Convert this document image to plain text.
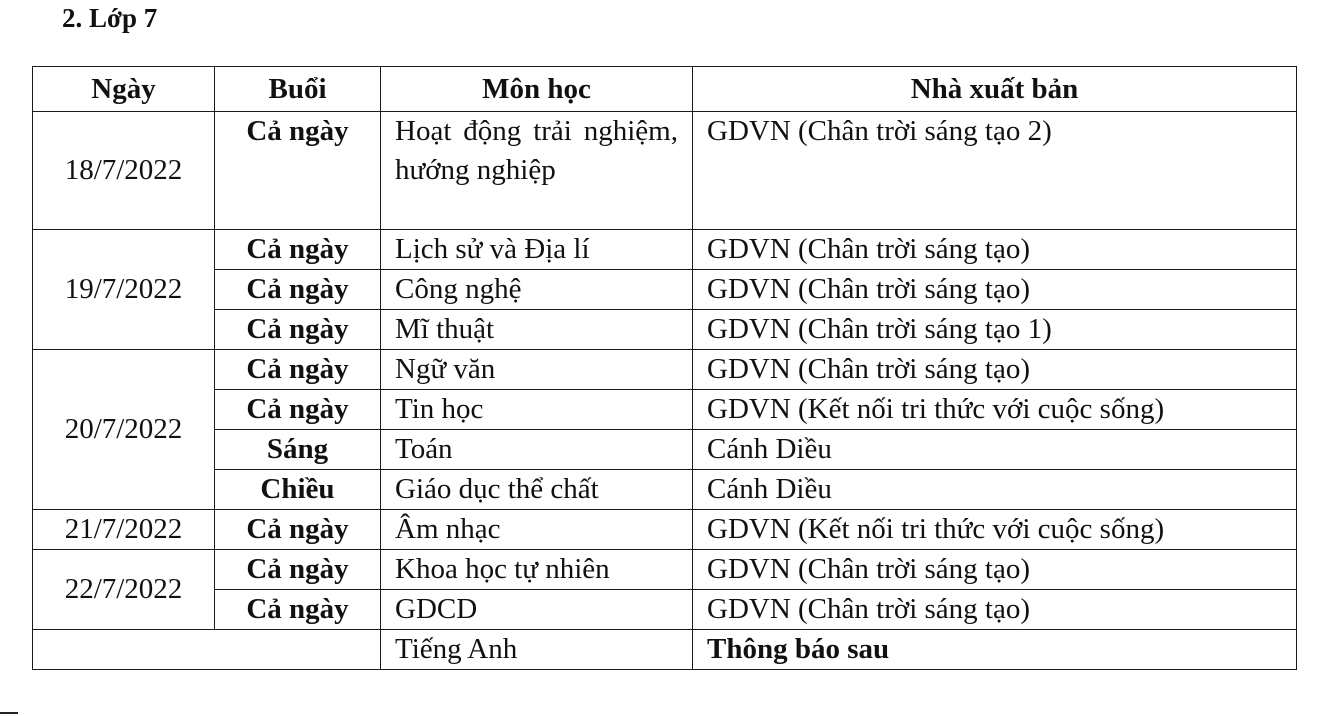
2. Lớp 7
Ngày	Buổi	Môn học	Nhà xuất bản
18/7/2022	Cả ngày	Hoạt động trải nghiệm, hướng nghiệp	GDVN (Chân trời sáng tạo 2)
19/7/2022	Cả ngày	Lịch sử và Địa lí	GDVN (Chân trời sáng tạo)
	Cả ngày	Công nghệ	GDVN (Chân trời sáng tạo)
	Cả ngày	Mĩ thuật	GDVN (Chân trời sáng tạo 1)
20/7/2022	Cả ngày	Ngữ văn	GDVN (Chân trời sáng tạo)
	Cả ngày	Tin học	GDVN (Kết nối tri thức với cuộc sống)
	Sáng	Toán	Cánh Diều
	Chiều	Giáo dục thể chất	Cánh Diều
21/7/2022	Cả ngày	Âm nhạc	GDVN (Kết nối tri thức với cuộc sống)
22/7/2022	Cả ngày	Khoa học tự nhiên	GDVN (Chân trời sáng tạo)
	Cả ngày	GDCD	GDVN (Chân trời sáng tạo)
		Tiếng Anh	Thông báo sau
